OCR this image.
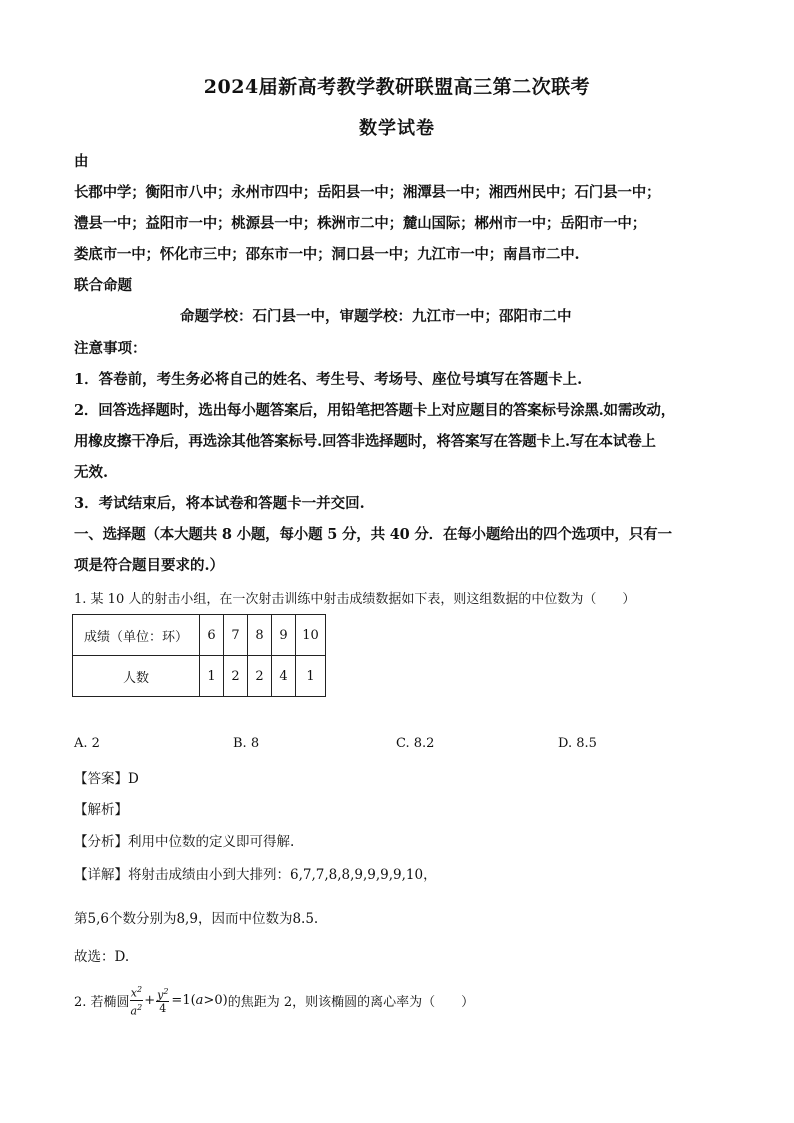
2024届新高考教学教研联盟高三第二次联考
数学试卷
由
长郡中学；衡阳市八中；永州市四中；岳阳县一中；湘潭县一中；湘西州民中；石门县一中；
澧县一中；益阳市一中；桃源县一中；株洲市二中；麓山国际；郴州市一中；岳阳市一中；
娄底市一中；怀化市三中；邵东市一中；洞口县一中；九江市一中；南昌市二中.
联合命题
命题学校：石门县一中，审题学校：九江市一中；邵阳市二中
注意事项：
1．答卷前，考生务必将自己的姓名、考生号、考场号、座位号填写在答题卡上.
2．回答选择题时，选出每小题答案后，用铅笔把答题卡上对应题目的答案标号涂黑.如需改动，
用橡皮擦干净后，再选涂其他答案标号.回答非选择题时，将答案写在答题卡上.写在本试卷上
无效.
3．考试结束后，将本试卷和答题卡一并交回.
一、选择题（本大题共 8 小题，每小题 5 分，共 40 分．在每小题给出的四个选项中，只有一
项是符合题目要求的.）
1. 某 10 人的射击小组，在一次射击训练中射击成绩数据如下表，则这组数据的中位数为（　　）
成绩（单位：环）	6	7	8	9	10
人数	1	2	2	4	1
A. 2	B. 8	C. 8.2	D. 8.5
【答案】D
【解析】
【分析】利用中位数的定义即可得解.
【详解】将射击成绩由小到大排列：6,7,7,8,8,9,9,9,9,10，
第5,6个数分别为8,9，因而中位数为8.5.
故选：D.
2. 若椭圆 $\frac{x^2}{a^2} + \frac{y^2}{4} =1$( a >0) 的焦距为 2，则该椭圆的离心率为（　　）
